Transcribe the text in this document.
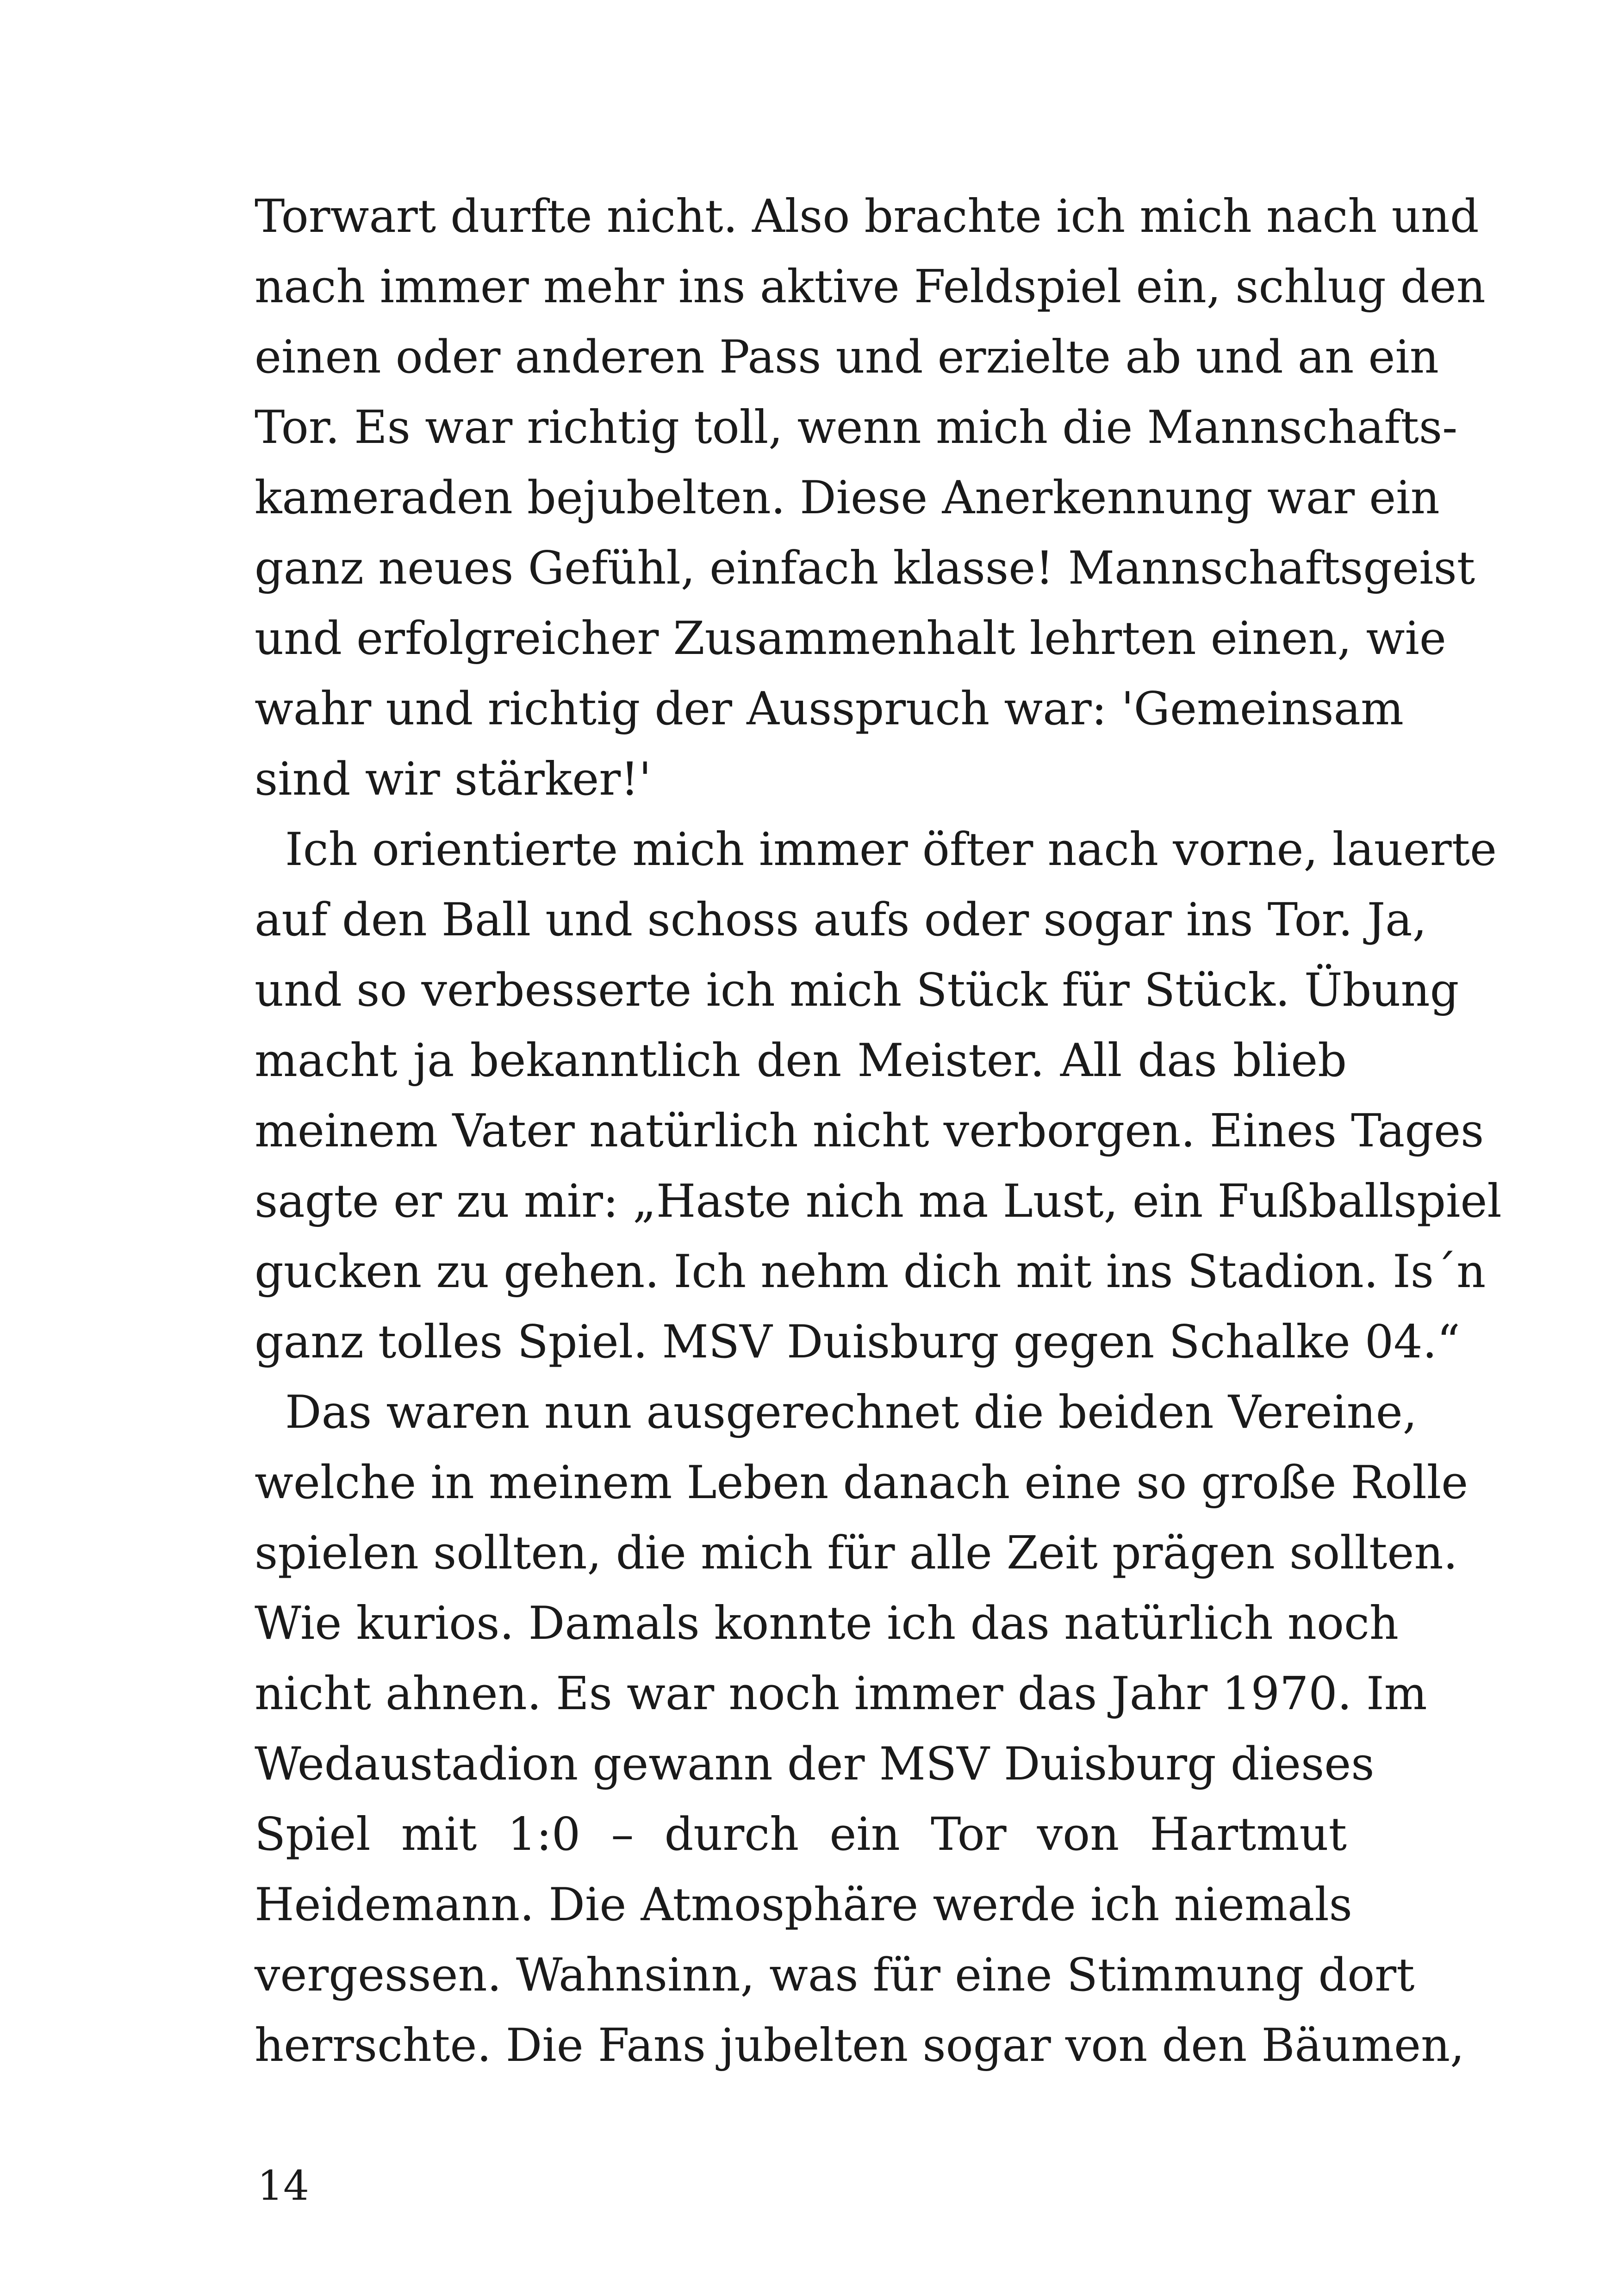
Torwart durfte nicht. Also brachte ich mich nach und
nach immer mehr ins aktive Feldspiel ein, schlug den
einen oder anderen Pass und erzielte ab und an ein
Tor. Es war richtig toll, wenn mich die Mannschafts-
kameraden bejubelten. Diese Anerkennung war ein
ganz neues Gefühl, einfach klasse! Mannschaftsgeist
und erfolgreicher Zusammenhalt lehrten einen, wie
wahr und richtig der Ausspruch war: 'Gemeinsam
sind wir stärker!'
Ich orientierte mich immer öfter nach vorne, lauerte
auf den Ball und schoss aufs oder sogar ins Tor. Ja,
und so verbesserte ich mich Stück für Stück. Übung
macht ja bekanntlich den Meister. All das blieb
meinem Vater natürlich nicht verborgen. Eines Tages
sagte er zu mir: „Haste nich ma Lust, ein Fußballspiel
gucken zu gehen. Ich nehm dich mit ins Stadion. Is´n
ganz tolles Spiel. MSV Duisburg gegen Schalke 04.“
Das waren nun ausgerechnet die beiden Vereine,
welche in meinem Leben danach eine so große Rolle
spielen sollten, die mich für alle Zeit prägen sollten.
Wie kurios. Damals konnte ich das natürlich noch
nicht ahnen. Es war noch immer das Jahr 1970. Im
Wedaustadion gewann der MSV Duisburg dieses
Spiel mit 1:0 – durch ein Tor von Hartmut
Heidemann. Die Atmosphäre werde ich niemals
vergessen. Wahnsinn, was für eine Stimmung dort
herrschte. Die Fans jubelten sogar von den Bäumen,
14
